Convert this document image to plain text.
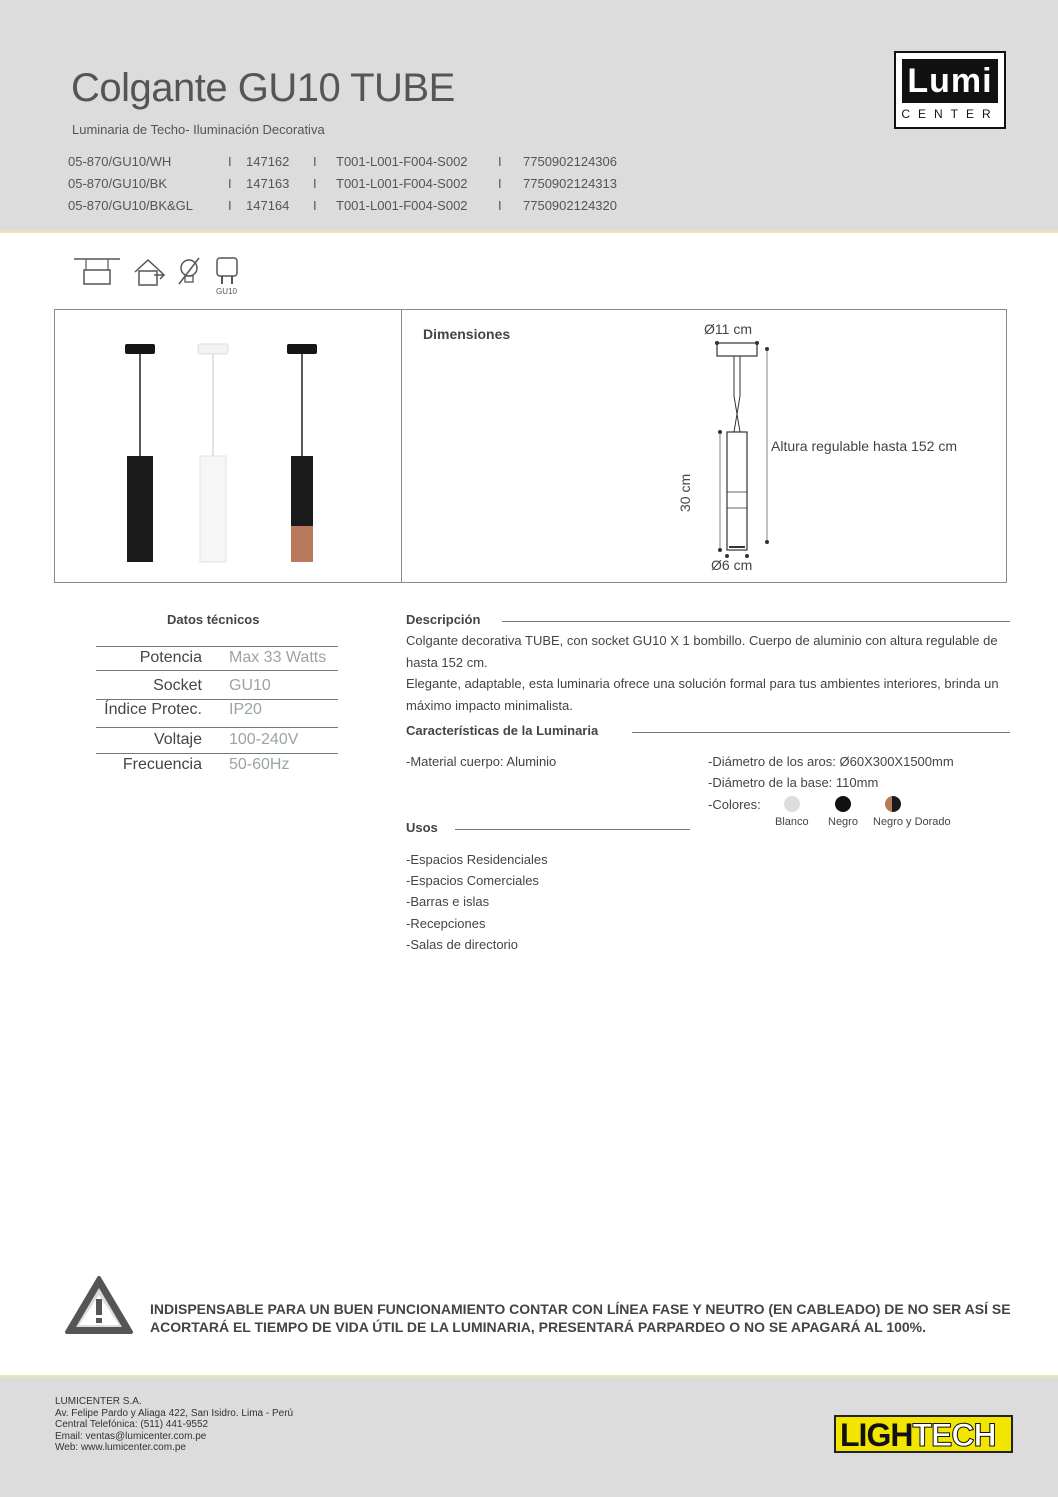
Colgante GU10 TUBE
Luminaria de Techo- Iluminación Decorativa
05-870/GU10/WH	I 147162 I T001-L001-F004-S002 I 7750902124306
05-870/GU10/BK	I 147163 I T001-L001-F004-S002 I 7750902124313
05-870/GU10/BK&GL	I 147164 I T001-L001-F004-S002 I 7750902124320
Lumi
CENTER
GU10
Dimensiones	Ø11 cm
Altura regulable hasta 152 cm
30 cm
Ø6 cm
Datos técnicos
Potencia Max 33 Watts
Socket GU10
Índice Protec. IP20
Voltaje 100-240V
Frecuencia 50-60Hz
Descripción

Colgante decorativa TUBE, con socket GU10 X 1 bombillo. Cuerpo de aluminio con altura regulable de hasta 152 cm.

Elegante, adaptable, esta luminaria ofrece una solución formal para tus ambientes interiores, brinda un máximo impacto minimalista.

Características de la Luminaria
-Material cuerpo: Aluminio	-Diámetro de los aros: Ø60X300X1500mm
-Diámetro de la base: 110mm
-Colores:
Blanco Negro Negro y Dorado
Usos
-Espacios Residenciales
-Espacios Comerciales
-Barras e islas
-Recepciones
-Salas de directorio
INDISPENSABLE PARA UN BUEN FUNCIONAMIENTO CONTAR CON LÍNEA FASE Y NEUTRO (EN CABLEADO) DE NO SER ASÍ SE ACORTARÁ EL TIEMPO DE VIDA ÚTIL DE LA LUMINARIA, PRESENTARÁ PARPARDEO O NO SE APAGARÁ AL 100%.
LUMICENTER S.A.
Av. Felipe Pardo y Aliaga 422, San Isidro. Lima - Perú
Central Telefónica: (511) 441-9552
Email: ventas@lumicenter.com.pe
Web: www.lumicenter.com.pe	LIGHTECH
